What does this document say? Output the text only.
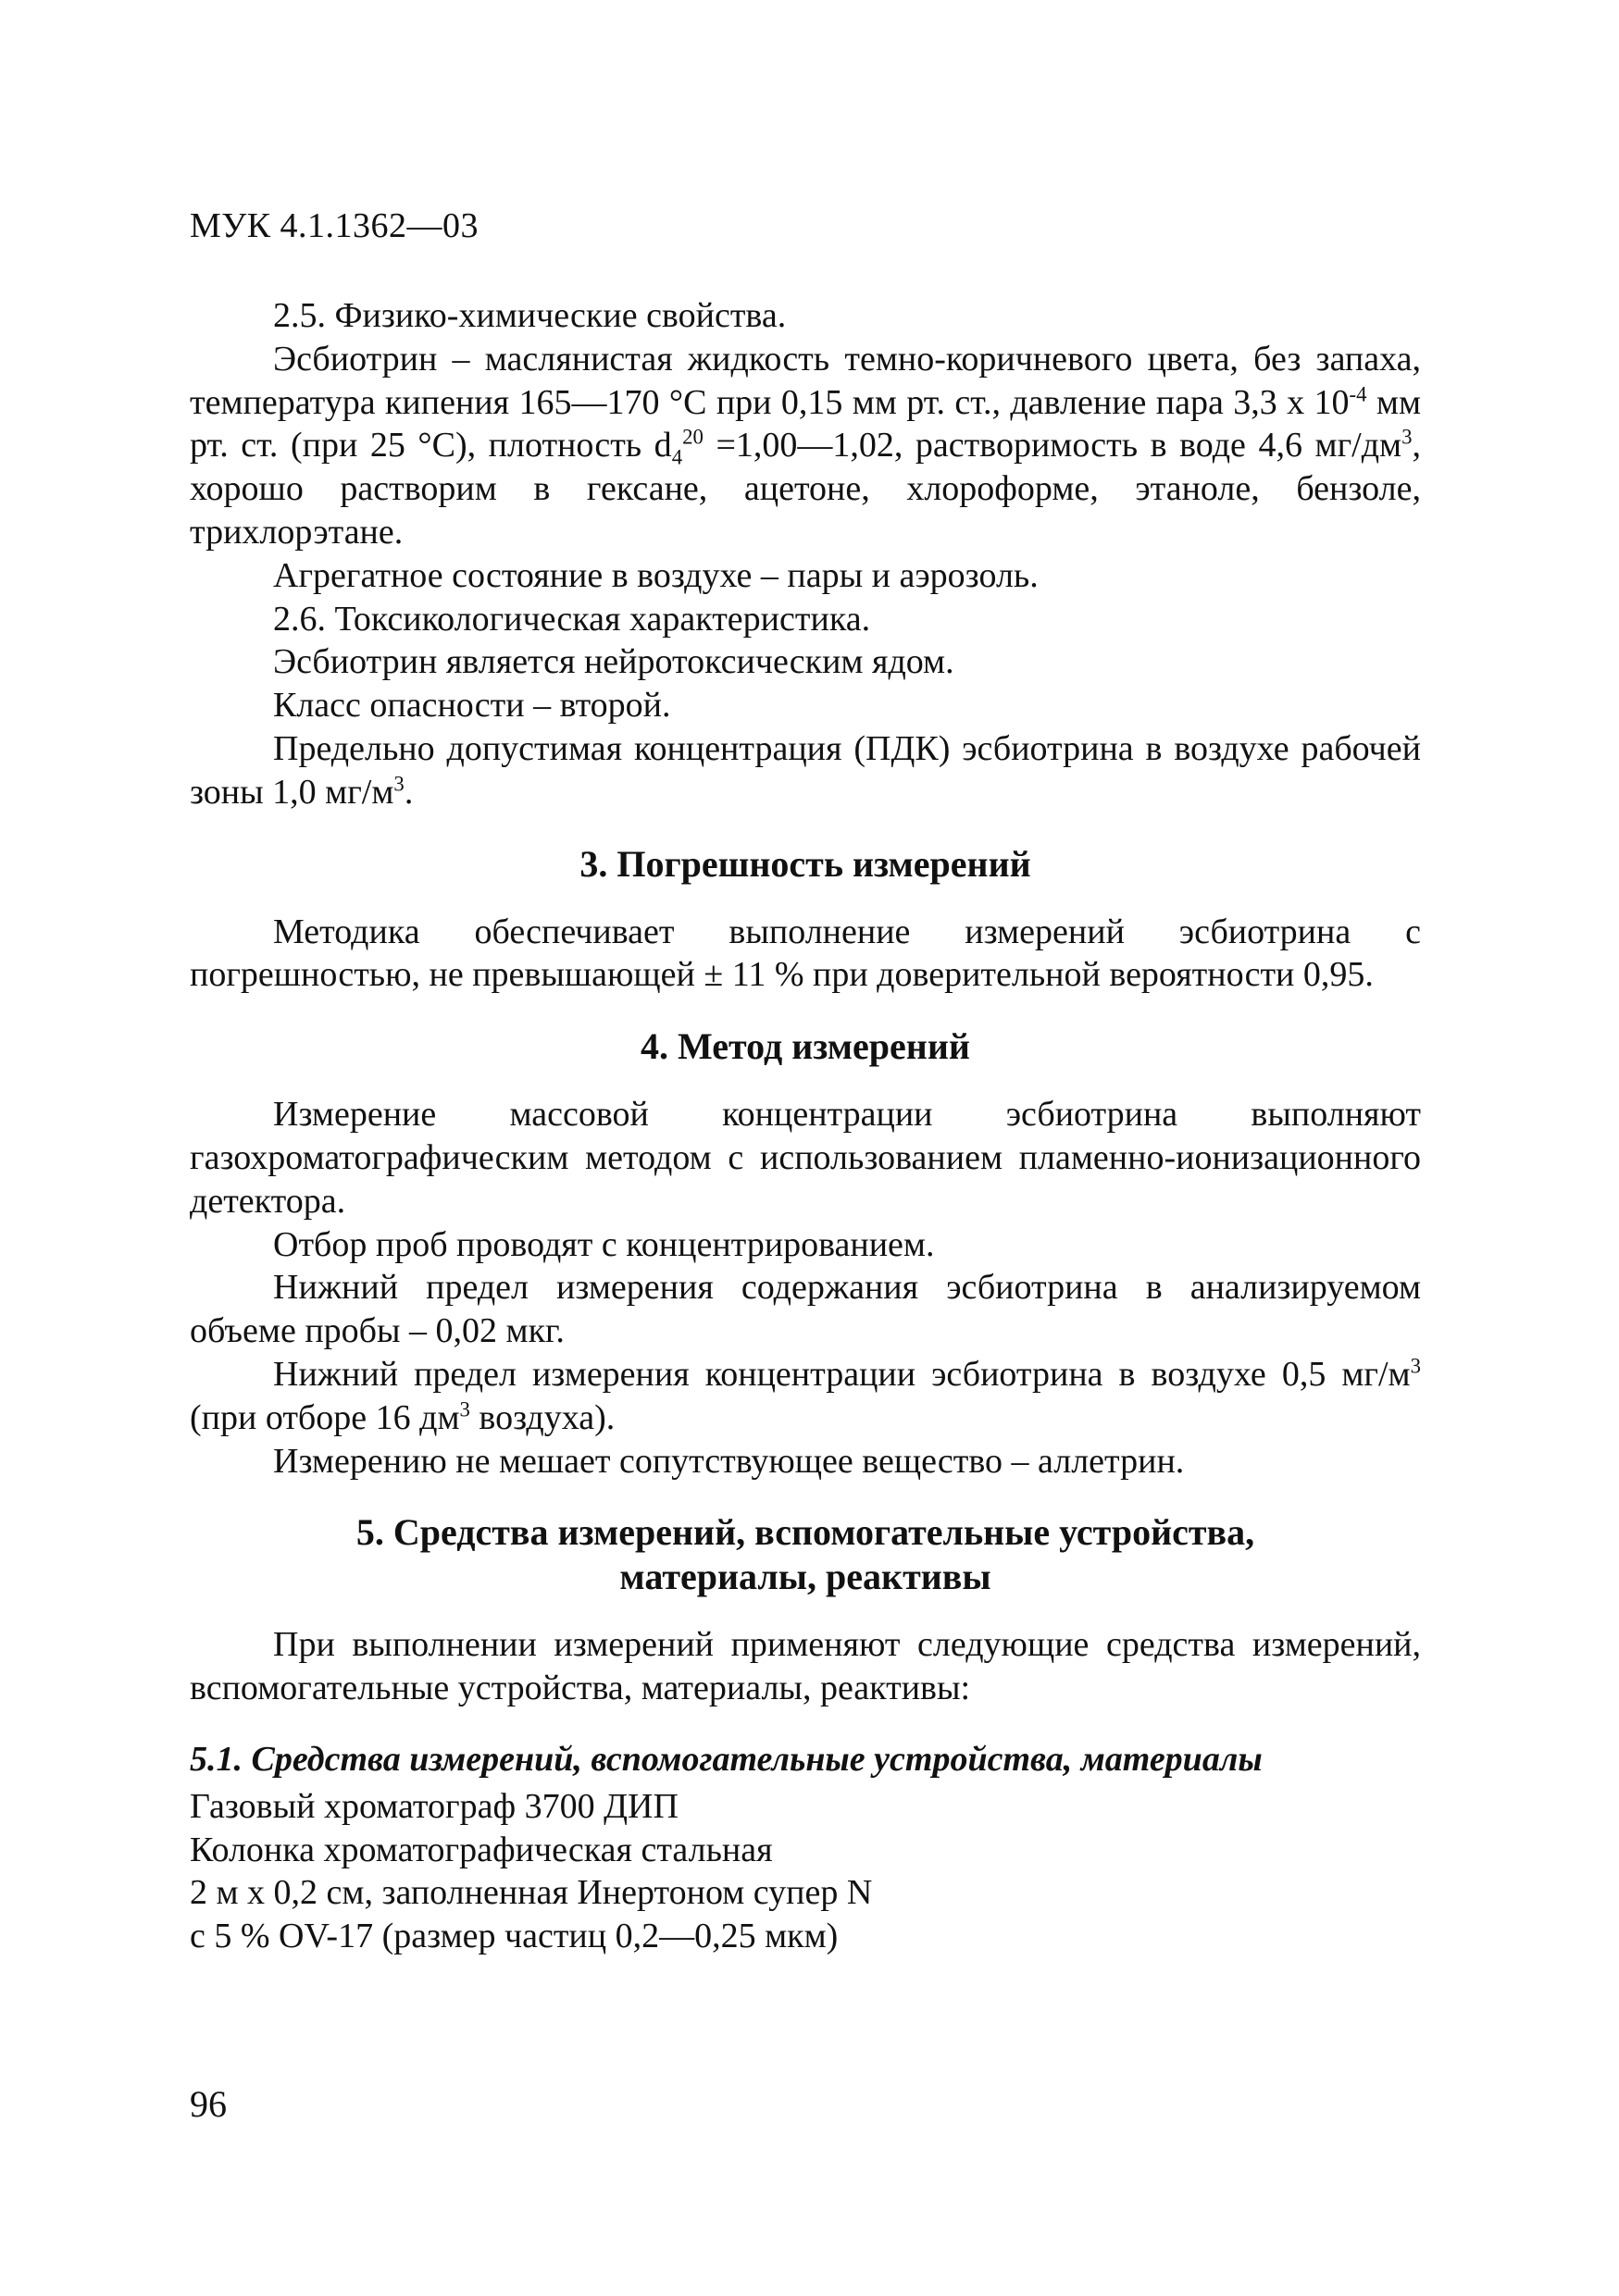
МУК 4.1.1362—03

2.5. Физико-химические свойства.

Эсбиотрин – маслянистая жидкость темно-коричневого цвета, без запаха, температура кипения 165—170 °С при 0,15 мм рт. ст., давление пара 3,3 х $10^{-4}$ мм рт. ст. (при 25 °С), плотность $d_4^{20}$ =1,00—1,02, растворимость в воде 4,6 $мг/дм^3$, хорошо растворим в гексане, ацетоне, хлороформе, этаноле, бензоле, трихлорэтане.

Агрегатное состояние в воздухе – пары и аэрозоль.

2.6. Токсикологическая характеристика.

Эсбиотрин является нейротоксическим ядом.

Класс опасности – второй.

Предельно допустимая концентрация (ПДК) эсбиотрина в воздухе рабочей зоны 1,0 $мг/м^3$.

3. Погрешность измерений

Методика обеспечивает выполнение измерений эсбиотрина с погрешностью, не превышающей ± 11 % при доверительной вероятности 0,95.

4. Метод измерений

Измерение массовой концентрации эсбиотрина выполняют газохроматографическим методом с использованием пламенно-ионизационного детектора.

Отбор проб проводят с концентрированием.

Нижний предел измерения содержания эсбиотрина в анализируемом объеме пробы – 0,02 мкг.

Нижний предел измерения концентрации эсбиотрина в воздухе 0,5 $мг/м^3$ (при отборе 16 $дм^3$ воздуха).

Измерению не мешает сопутствующее вещество – аллетрин.

5. Средства измерений, вспомогательные устройства,

материалы, реактивы

При выполнении измерений применяют следующие средства измерений, вспомогательные устройства, материалы, реактивы:

5.1. Средства измерений, вспомогательные устройства, материалы

Газовый хроматограф 3700 ДИП

Колонка хроматографическая стальная

2 м х 0,2 см, заполненная Инертоном супер N

с 5 % OV-17 (размер частиц 0,2—0,25 мкм)

96
